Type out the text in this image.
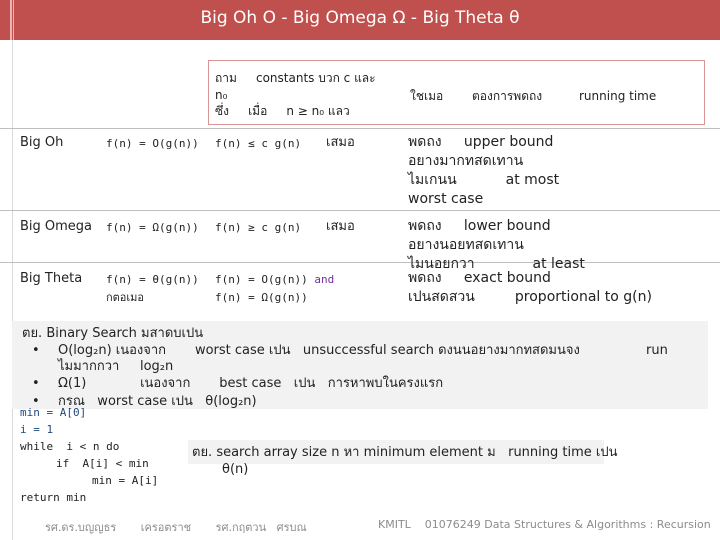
Big Oh O - Big Omega Ω - Big Theta θ
ถาม     constants บวก c และ
n₀
ซึ่ง     เมื่อ     n ≥ n₀ แลว
ใชเมอ ตองการพดถง	running time
Big Oh	f(n) = O(g(n)) f(n) ≤ c g(n) เสมอ	พดถง     upper bound
อยางมากทสดเทาน
ไมเกนน           at most
worst case
Big Omega f(n) = Ω(g(n)) f(n) ≥ c g(n) เสมอ	พดถง     lower bound
อยางนอยทสดเทาน
ไมนอยกวา             at least
Big Theta f(n) = θ(g(n))
กตอเมอ
f(n) = O(g(n)) and
f(n) = Ω(g(n))
พดถง     exact bound
เปนสดสวน         proportional to g(n)
ตย. Binary Search มสาดบเปน
• O(log₂n) เนองจาก       worst case เปน   unsuccessful search ดงนนอยางมากทสดมนจง	run
ไมมากกวา     log₂n
• Ω(1)             เนองจาก       best case   เปน   การหาพบในครงแรก
• กรณ   worst case เปน   θ(log₂n)
min = A[0]
i = 1
while  i < n do
if  A[i] < min
min = A[i]
return min
ตย. search array size n หา minimum element ม   running time เปน
θ(n)
รศ.ดร.บญญธร       เครอตราช       รศ.กฤตวน   ศรบณ	KMITL    01076249 Data Structures & Algorithms : Recursion
